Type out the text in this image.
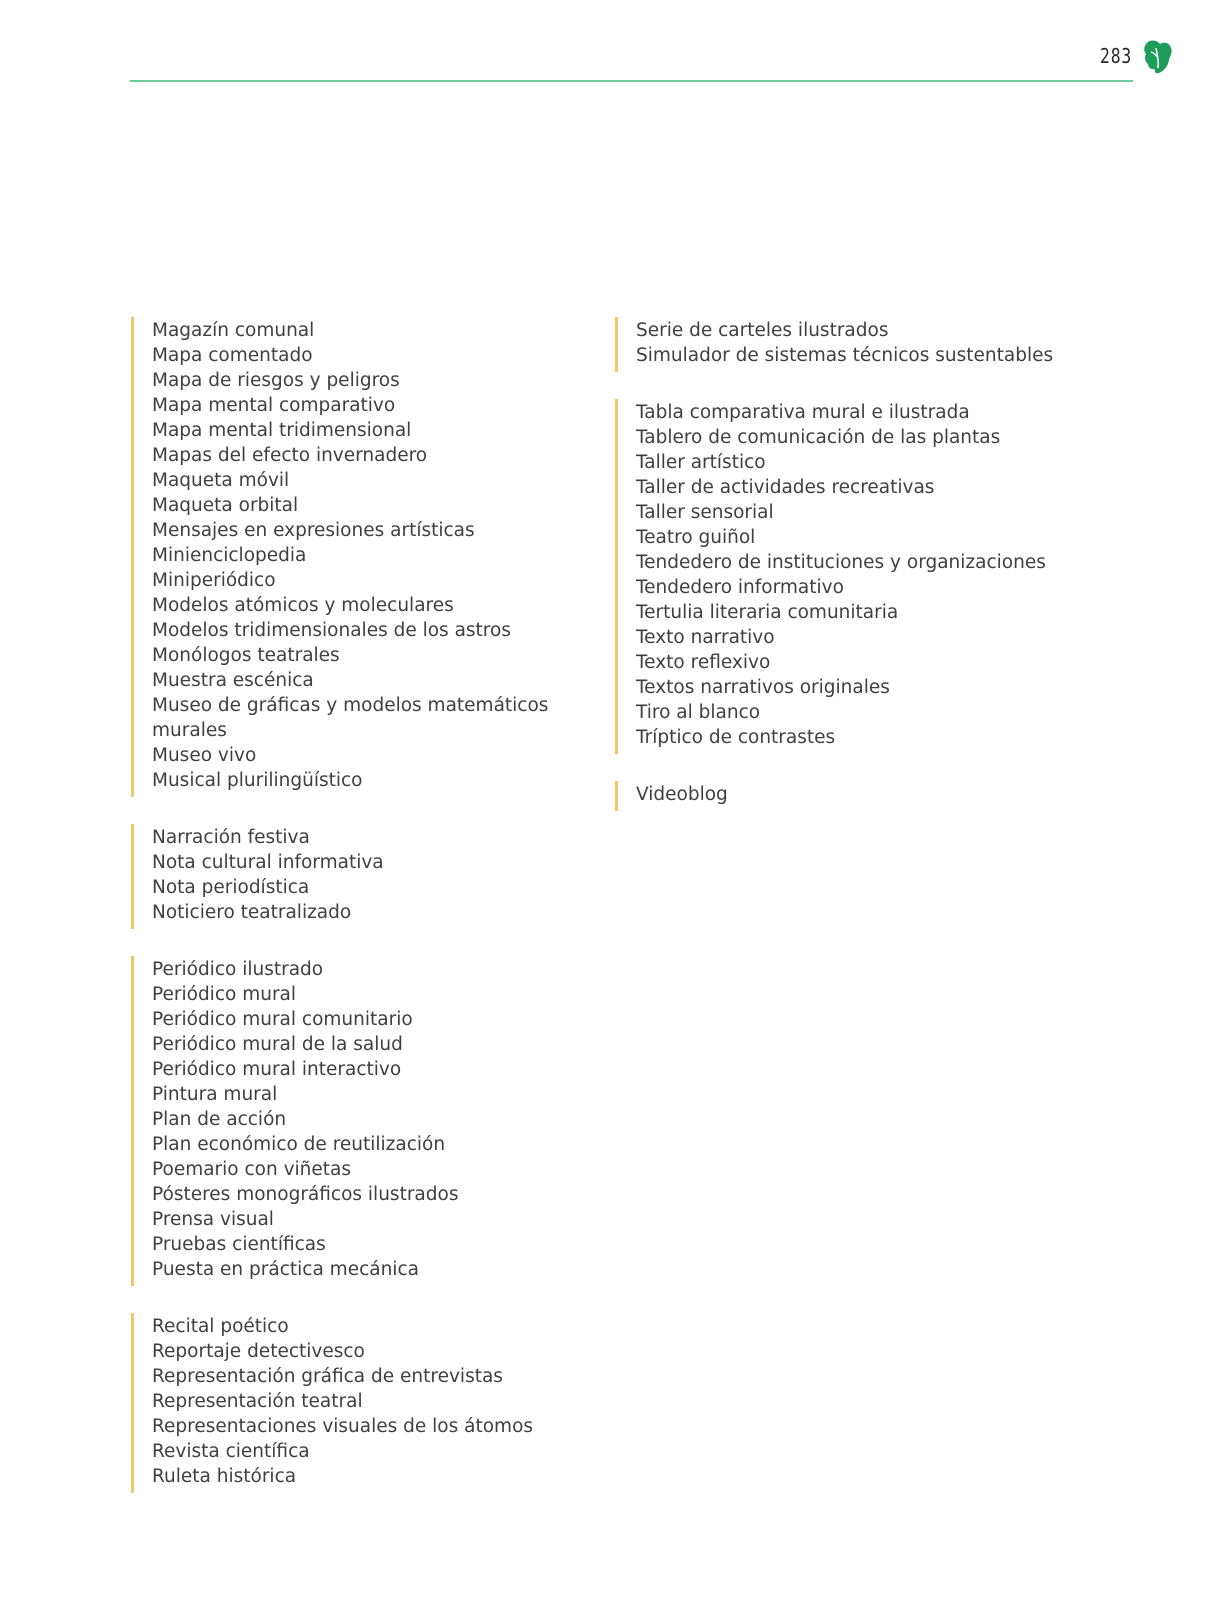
283
Magazín comunal
Mapa comentado
Mapa de riesgos y peligros
Mapa mental comparativo
Mapa mental tridimensional
Mapas del efecto invernadero
Maqueta móvil
Maqueta orbital
Mensajes en expresiones artísticas
Minienciclopedia
Miniperiódico
Modelos atómicos y moleculares
Modelos tridimensionales de los astros
Monólogos teatrales
Muestra escénica
Museo de gráficas y modelos matemáticos
murales
Museo vivo
Musical plurilingüístico
Narración festiva
Nota cultural informativa
Nota periodística
Noticiero teatralizado
Periódico ilustrado
Periódico mural
Periódico mural comunitario
Periódico mural de la salud
Periódico mural interactivo
Pintura mural
Plan de acción
Plan económico de reutilización
Poemario con viñetas
Pósteres monográficos ilustrados
Prensa visual
Pruebas científicas
Puesta en práctica mecánica
Recital poético
Reportaje detectivesco
Representación gráfica de entrevistas
Representación teatral
Representaciones visuales de los átomos
Revista científica
Ruleta histórica
Serie de carteles ilustrados
Simulador de sistemas técnicos sustentables
Tabla comparativa mural e ilustrada
Tablero de comunicación de las plantas
Taller artístico
Taller de actividades recreativas
Taller sensorial
Teatro guiñol
Tendedero de instituciones y organizaciones
Tendedero informativo
Tertulia literaria comunitaria
Texto narrativo
Texto reflexivo
Textos narrativos originales
Tiro al blanco
Tríptico de contrastes
Videoblog
